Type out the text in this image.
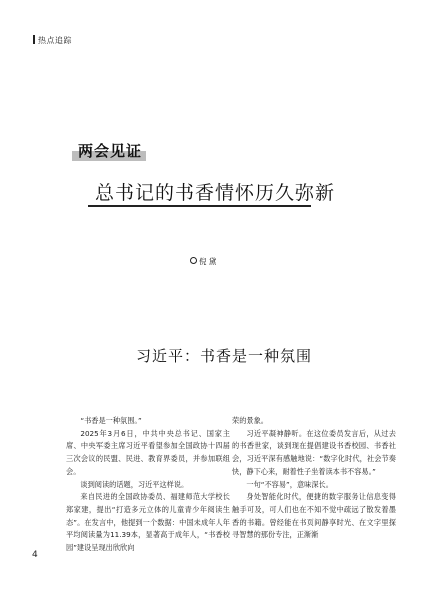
热点追踪
两会见证
总书记的书香情怀历久弥新
倪 黛
习近平：书香是一种氛围

“书香是一种氛围。”

2025年3月6日，中共中央总书记、国家主席、中央军委主席习近平看望参加全国政协十四届三次会议的民盟、民进、教育界委员，并参加联组会。

谈到阅读的话题，习近平这样说。

来自民进的全国政协委员、福建师范大学校长郑家建，提出“打造多元立体的儿童青少年阅读生态”。在发言中，他提到一个数据：中国未成年人年平均阅读量为11.39本，显著高于成年人，“书香校园”建设呈现出欣欣向

荣的景象。

习近平凝神静听。在这位委员发言后，从过去的书香世家，谈到现在提倡建设书香校园、书香社会，习近平深有感触地说：“数字化时代，社会节奏快，静下心来，耐着性子坐着读本书不容易。”

一句“不容易”，意味深长。

身处智能化时代，便捷的数字服务让信息变得触手可及，可人们也在不知不觉中疏远了散发着墨香的书籍。曾经能在书页间静享时光、在文字里探寻智慧的那份专注，正渐渐

4
